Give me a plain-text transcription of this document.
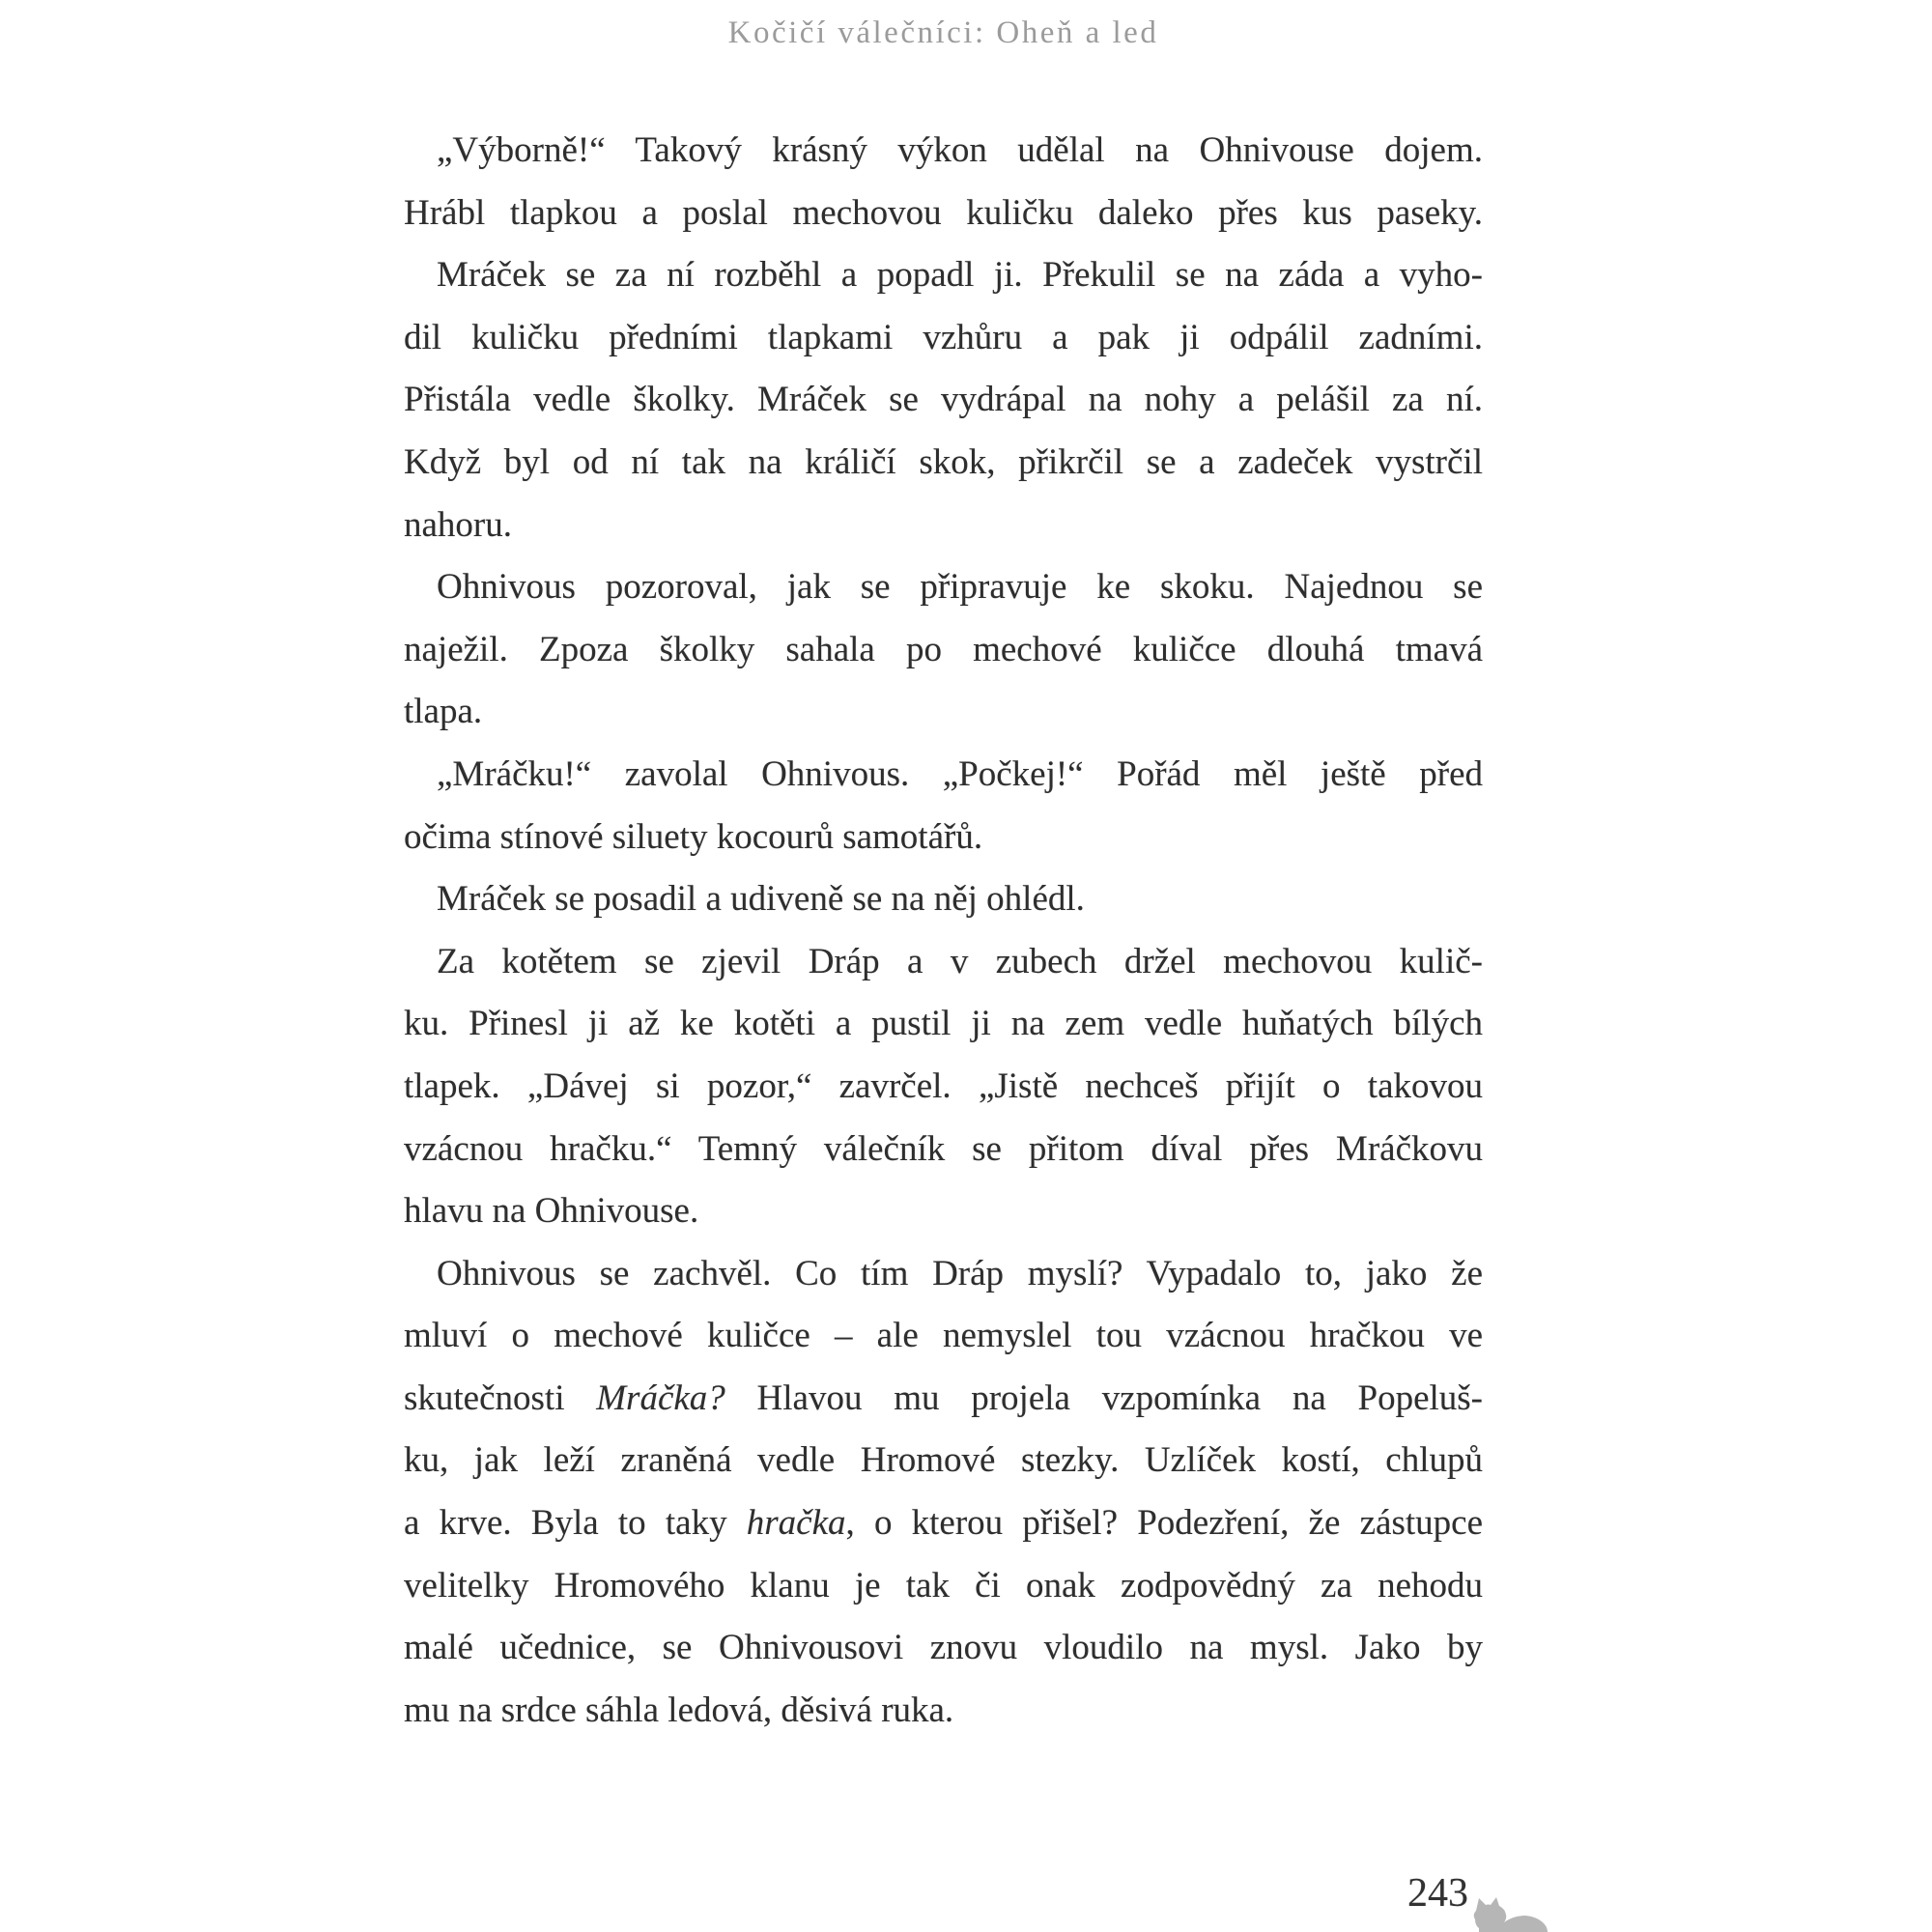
Kočičí válečníci: Oheň a led
„Výborně!“ Takový krásný výkon udělal na Ohnivouse dojem.
Hrábl tlapkou a poslal mechovou kuličku daleko přes kus paseky.
Mráček se za ní rozběhl a popadl ji. Překulil se na záda a vyho-
dil kuličku předními tlapkami vzhůru a pak ji odpálil zadními.
Přistála vedle školky. Mráček se vydrápal na nohy a pelášil za ní.
Když byl od ní tak na králičí skok, přikrčil se a zadeček vystrčil
nahoru.
Ohnivous pozoroval, jak se připravuje ke skoku. Najednou se
naježil. Zpoza školky sahala po mechové kuličce dlouhá tmavá
tlapa.
„Mráčku!“ zavolal Ohnivous. „Počkej!“ Pořád měl ještě před
očima stínové siluety kocourů samotářů.
Mráček se posadil a udiveně se na něj ohlédl.
Za kotětem se zjevil Dráp a v zubech držel mechovou kulič-
ku. Přinesl ji až ke kotěti a pustil ji na zem vedle huňatých bílých
tlapek. „Dávej si pozor,“ zavrčel. „Jistě nechceš přijít o takovou
vzácnou hračku.“ Temný válečník se přitom díval přes Mráčkovu
hlavu na Ohnivouse.
Ohnivous se zachvěl. Co tím Dráp myslí? Vypadalo to, jako že
mluví o mechové kuličce – ale nemyslel tou vzácnou hračkou ve
skutečnosti Mráčka? Hlavou mu projela vzpomínka na Popeluš-
ku, jak leží zraněná vedle Hromové stezky. Uzlíček kostí, chlupů
a krve. Byla to taky hračka, o kterou přišel? Podezření, že zástupce
velitelky Hromového klanu je tak či onak zodpovědný za nehodu
malé učednice, se Ohnivousovi znovu vloudilo na mysl. Jako by
mu na srdce sáhla ledová, děsivá ruka.
243
